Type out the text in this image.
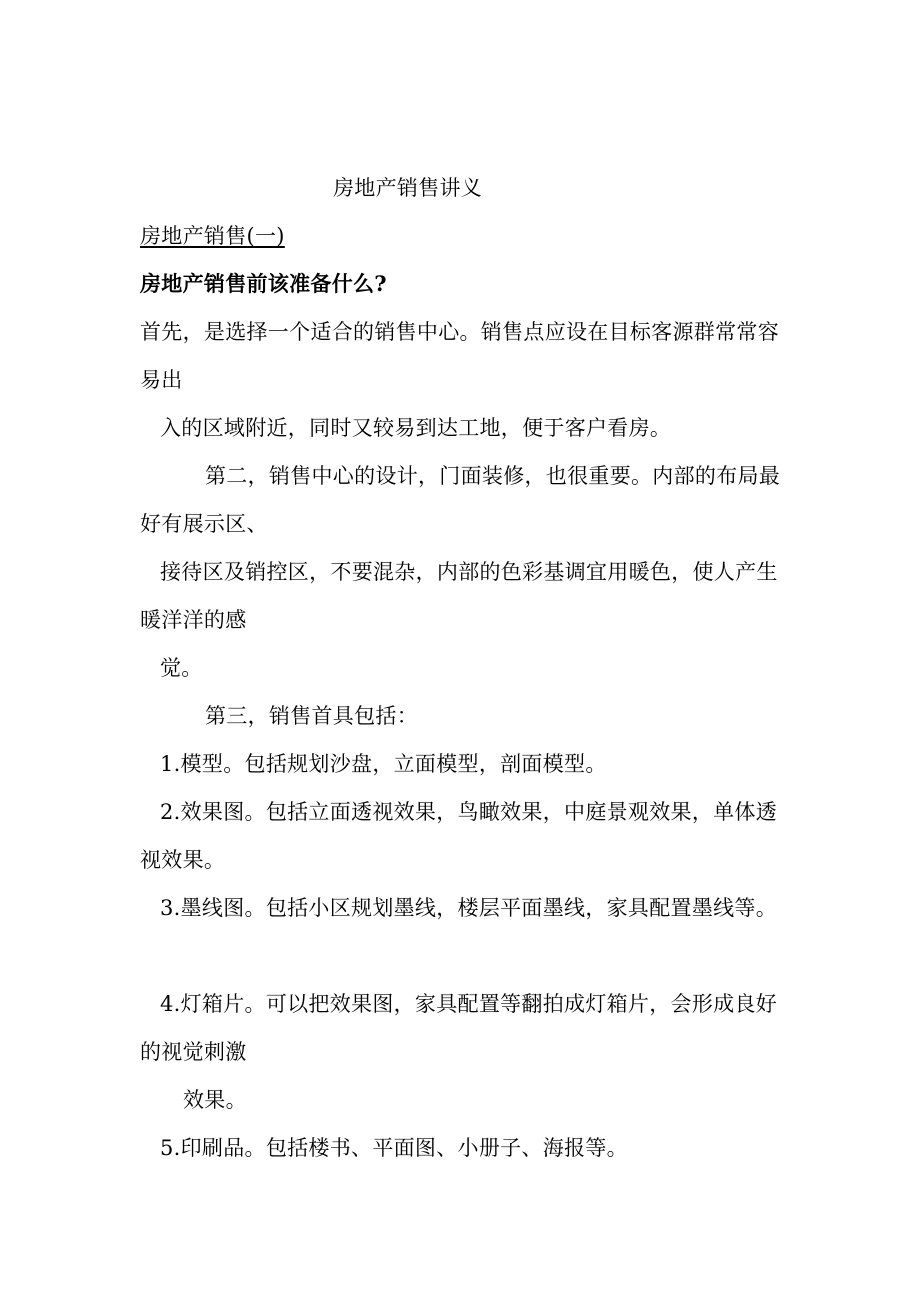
房地产销售讲义
房地产销售(一)
房地产销售前该准备什么?
首先，是选择一个适合的销售中心。销售点应设在目标客源群常常容
易出
入的区域附近，同时又较易到达工地，便于客户看房。
第二，销售中心的设计，门面装修，也很重要。内部的布局最
好有展示区、
接待区及销控区，不要混杂，内部的色彩基调宜用暖色，使人产生
暖洋洋的感
觉。
第三，销售首具包括：
1.模型。包括规划沙盘，立面模型，剖面模型。
2.效果图。包括立面透视效果，鸟瞰效果，中庭景观效果，单体透
视效果。
3.墨线图。包括小区规划墨线，楼层平面墨线，家具配置墨线等。
4.灯箱片。可以把效果图，家具配置等翻拍成灯箱片，会形成良好
的视觉刺激
效果。
5.印刷品。包括楼书、平面图、小册子、海报等。
